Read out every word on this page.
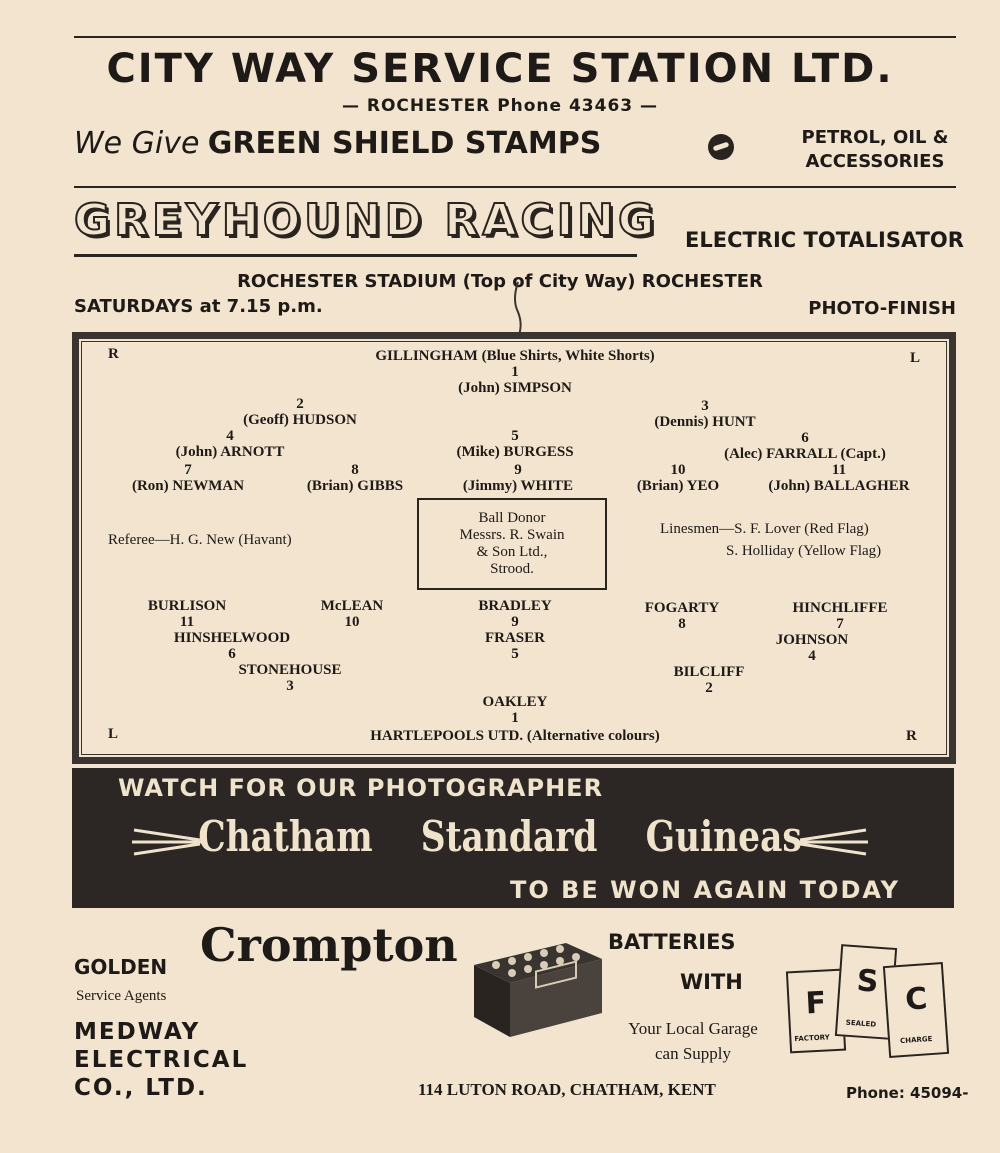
CITY WAY SERVICE STATION LTD.
— ROCHESTER Phone 43463 —
We Give GREEN SHIELD STAMPS	PETROL, OIL &
ACCESSORIES
GREYHOUND RACING ELECTRIC TOTALISATOR
ROCHESTER STADIUM (Top of City Way) ROCHESTER
SATURDAYS at 7.15 p.m.	PHOTO-FINISH
R	L
GILLINGHAM (Blue Shirts, White Shorts)
1
(John) SIMPSON
2
(Geoff) HUDSON
3
(Dennis) HUNT
4
(John) ARNOTT
5
(Mike) BURGESS
6
(Alec) FARRALL (Capt.)
7
(Ron) NEWMAN
8
(Brian) GIBBS
9
(Jimmy) WHITE
10
(Brian) YEO
11
(John) BALLAGHER
Referee—H. G. New (Havant)
Ball Donor
Messrs. R. Swain
& Son Ltd.,
Strood.
Linesmen—S. F. Lover (Red Flag)
S. Holliday (Yellow Flag)
BURLISON
11
McLEAN
10
BRADLEY
9
FOGARTY
8
HINCHLIFFE
7
HINSHELWOOD
6
FRASER
5
JOHNSON
4
STONEHOUSE
3
BILCLIFF
2
OAKLEY
1
L	R
HARTLEPOOLS UTD. (Alternative colours)
WATCH FOR OUR PHOTOGRAPHER
Chatham Standard Guineas
TO BE WON AGAIN TODAY
GOLDEN Crompton
Service Agents
MEDWAY
ELECTRICAL
CO., LTD.
BATTERIES
WITH
Your Local Garage
can Supply
F
FACTORY
S
SEALED
C
CHARGE
114 LUTON ROAD, CHATHAM, KENT	Phone: 45094-
